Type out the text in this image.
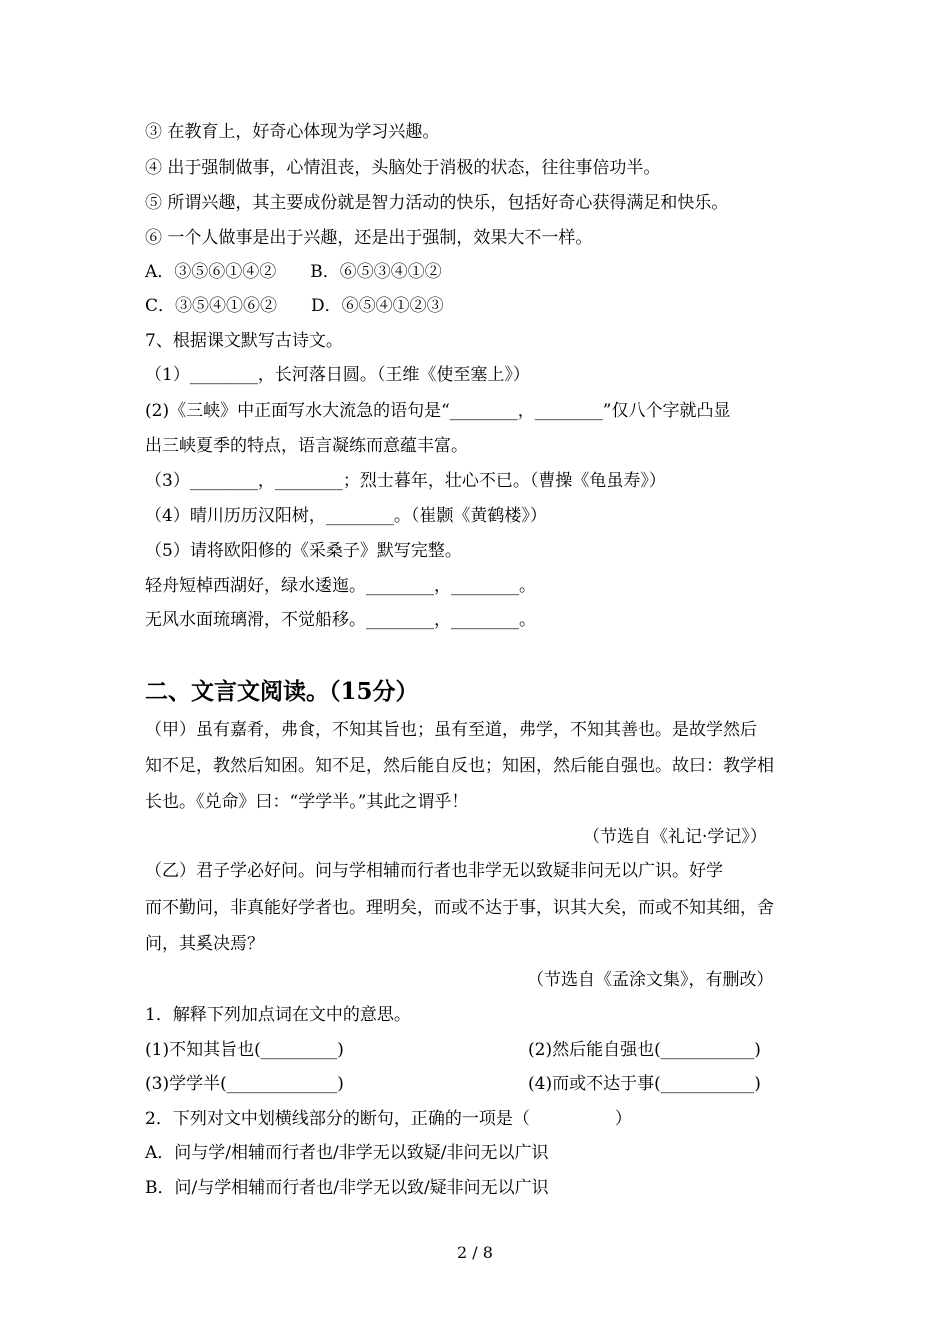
③ 在教育上，好奇心体现为学习兴趣。
④ 出于强制做事，心情沮丧，头脑处于消极的状态，往往事倍功半。
⑤ 所谓兴趣，其主要成份就是智力活动的快乐，包括好奇心获得满足和快乐。
⑥ 一个人做事是出于兴趣，还是出于强制，效果大不一样。
A．③⑤⑥①④②　　B．⑥⑤③④①②
C．③⑤④①⑥②　　D．⑥⑤④①②③
7、根据课文默写古诗文。
（1）________，长河落日圆。（王维《使至塞上》）
(2)《三峡》中正面写水大流急的语句是“________，________”仅八个字就凸显
出三峡夏季的特点，语言凝练而意蕴丰富。
（3）________，________；烈士暮年，壮心不已。（曹操《龟虽寿》）
（4）晴川历历汉阳树，________。（崔颢《黄鹤楼》）
（5）请将欧阳修的《采桑子》默写完整。
轻舟短棹西湖好，绿水逶迤。________，________。
无风水面琉璃滑，不觉船移。________，________。
二、文言文阅读。（15分）
（甲）虽有嘉肴，弗食，不知其旨也；虽有至道，弗学，不知其善也。是故学然后
知不足，教然后知困。知不足，然后能自反也；知困，然后能自强也。故曰：教学相
长也。《兑命》曰：“学学半。”其此之谓乎！
（节选自《礼记·学记》）
（乙）君子学必好问。问与学相辅而行者也非学无以致疑非问无以广识。好学
而不勤问，非真能好学者也。理明矣，而或不达于事，识其大矣，而或不知其细，舍
问，其奚决焉？
（节选自《孟涂文集》，有删改）
1．解释下列加点词在文中的意思。
(1)不知其旨也(_________)	(2)然后能自强也(___________)
(3)学学半(_____________)	(4)而或不达于事(___________)
2．下列对文中划横线部分的断句，正确的一项是（　　　　　）
A．问与学/相辅而行者也/非学无以致疑/非问无以广识
B．问/与学相辅而行者也/非学无以致/疑非问无以广识
2 / 8
